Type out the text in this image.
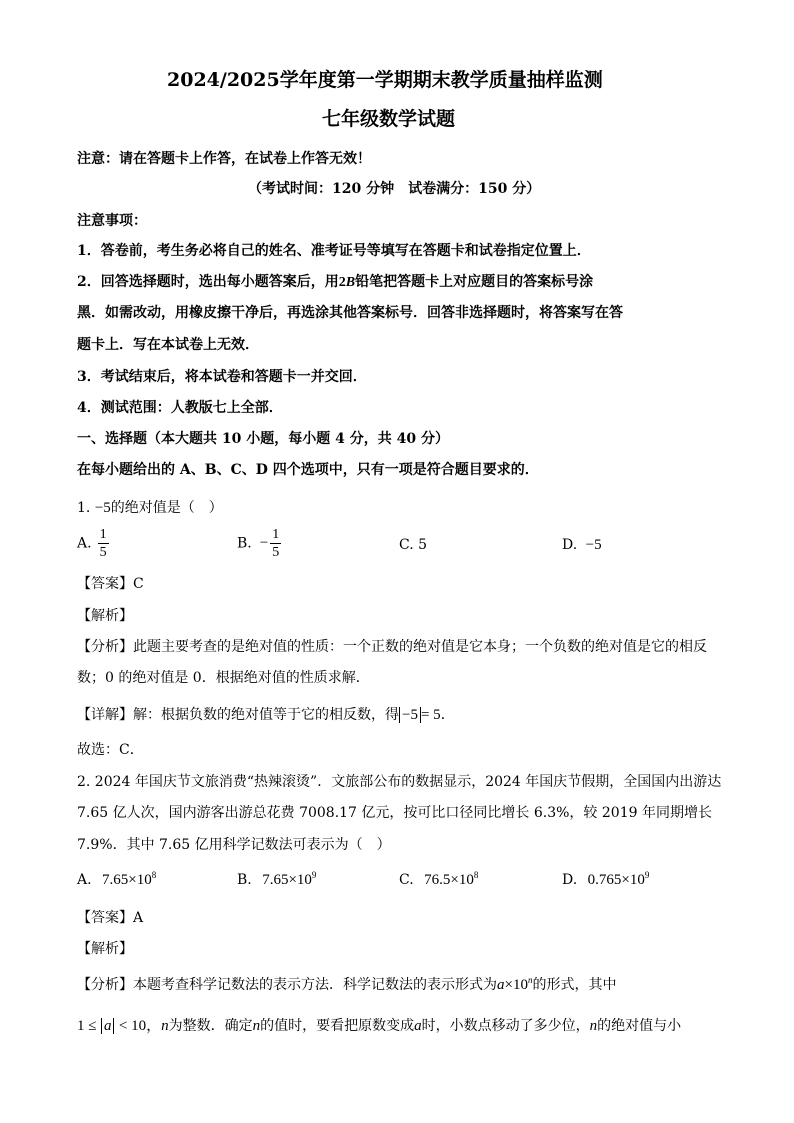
2024/2025学年度第一学期期末教学质量抽样监测
七年级数学试题
注意：请在答题卡上作答，在试卷上作答无效！
（考试时间：120 分钟　试卷满分：150 分）
注意事项：
1．答卷前，考生务必将自己的姓名、准考证号等填写在答题卡和试卷指定位置上．
2．回答选择题时，选出每小题答案后，用2B铅笔把答题卡上对应题目的答案标号涂
黑．如需改动，用橡皮擦干净后，再选涂其他答案标号．回答非选择题时，将答案写在答
题卡上．写在本试卷上无效．
3．考试结束后，将本试卷和答题卡一并交回．
4．测试范围：人教版七上全部．
一、选择题（本大题共 10 小题，每小题 4 分，共 40 分）
在每小题给出的 A、B、C、D 四个选项中，只有一项是符合题目要求的．
1. −5的绝对值是（　）
A. $\frac{1}{5}$	B. − $\frac{1}{5}$	C. 5	D. −5
【答案】C
【解析】
【分析】此题主要考查的是绝对值的性质：一个正数的绝对值是它本身；一个负数的绝对值是它的相反
数；0 的绝对值是 0．根据绝对值的性质求解．
【详解】解：根据负数的绝对值等于它的相反数，得 −5 = 5．
故选：C．
2. 2024 年国庆节文旅消费“热辣滚烫”．文旅部公布的数据显示，2024 年国庆节假期，全国国内出游达
7.65 亿人次，国内游客出游总花费 7008.17 亿元，按可比口径同比增长 6.3%，较 2019 年同期增长
7.9%．其中 7.65 亿用科学记数法可表示为（　）
A. $7.65\times 10^8$	B. $7.65\times 10^9$	C. $76.5\times 10^8$	D. $0.765\times 10^9$
【答案】A
【解析】
【分析】本题考查科学记数法的表示方法．科学记数法的表示形式为$a\times 10^n$的形式，其中
1 ≤ a < 10，n为整数．确定n的值时，要看把原数变成a时，小数点移动了多少位，n的绝对值与小
